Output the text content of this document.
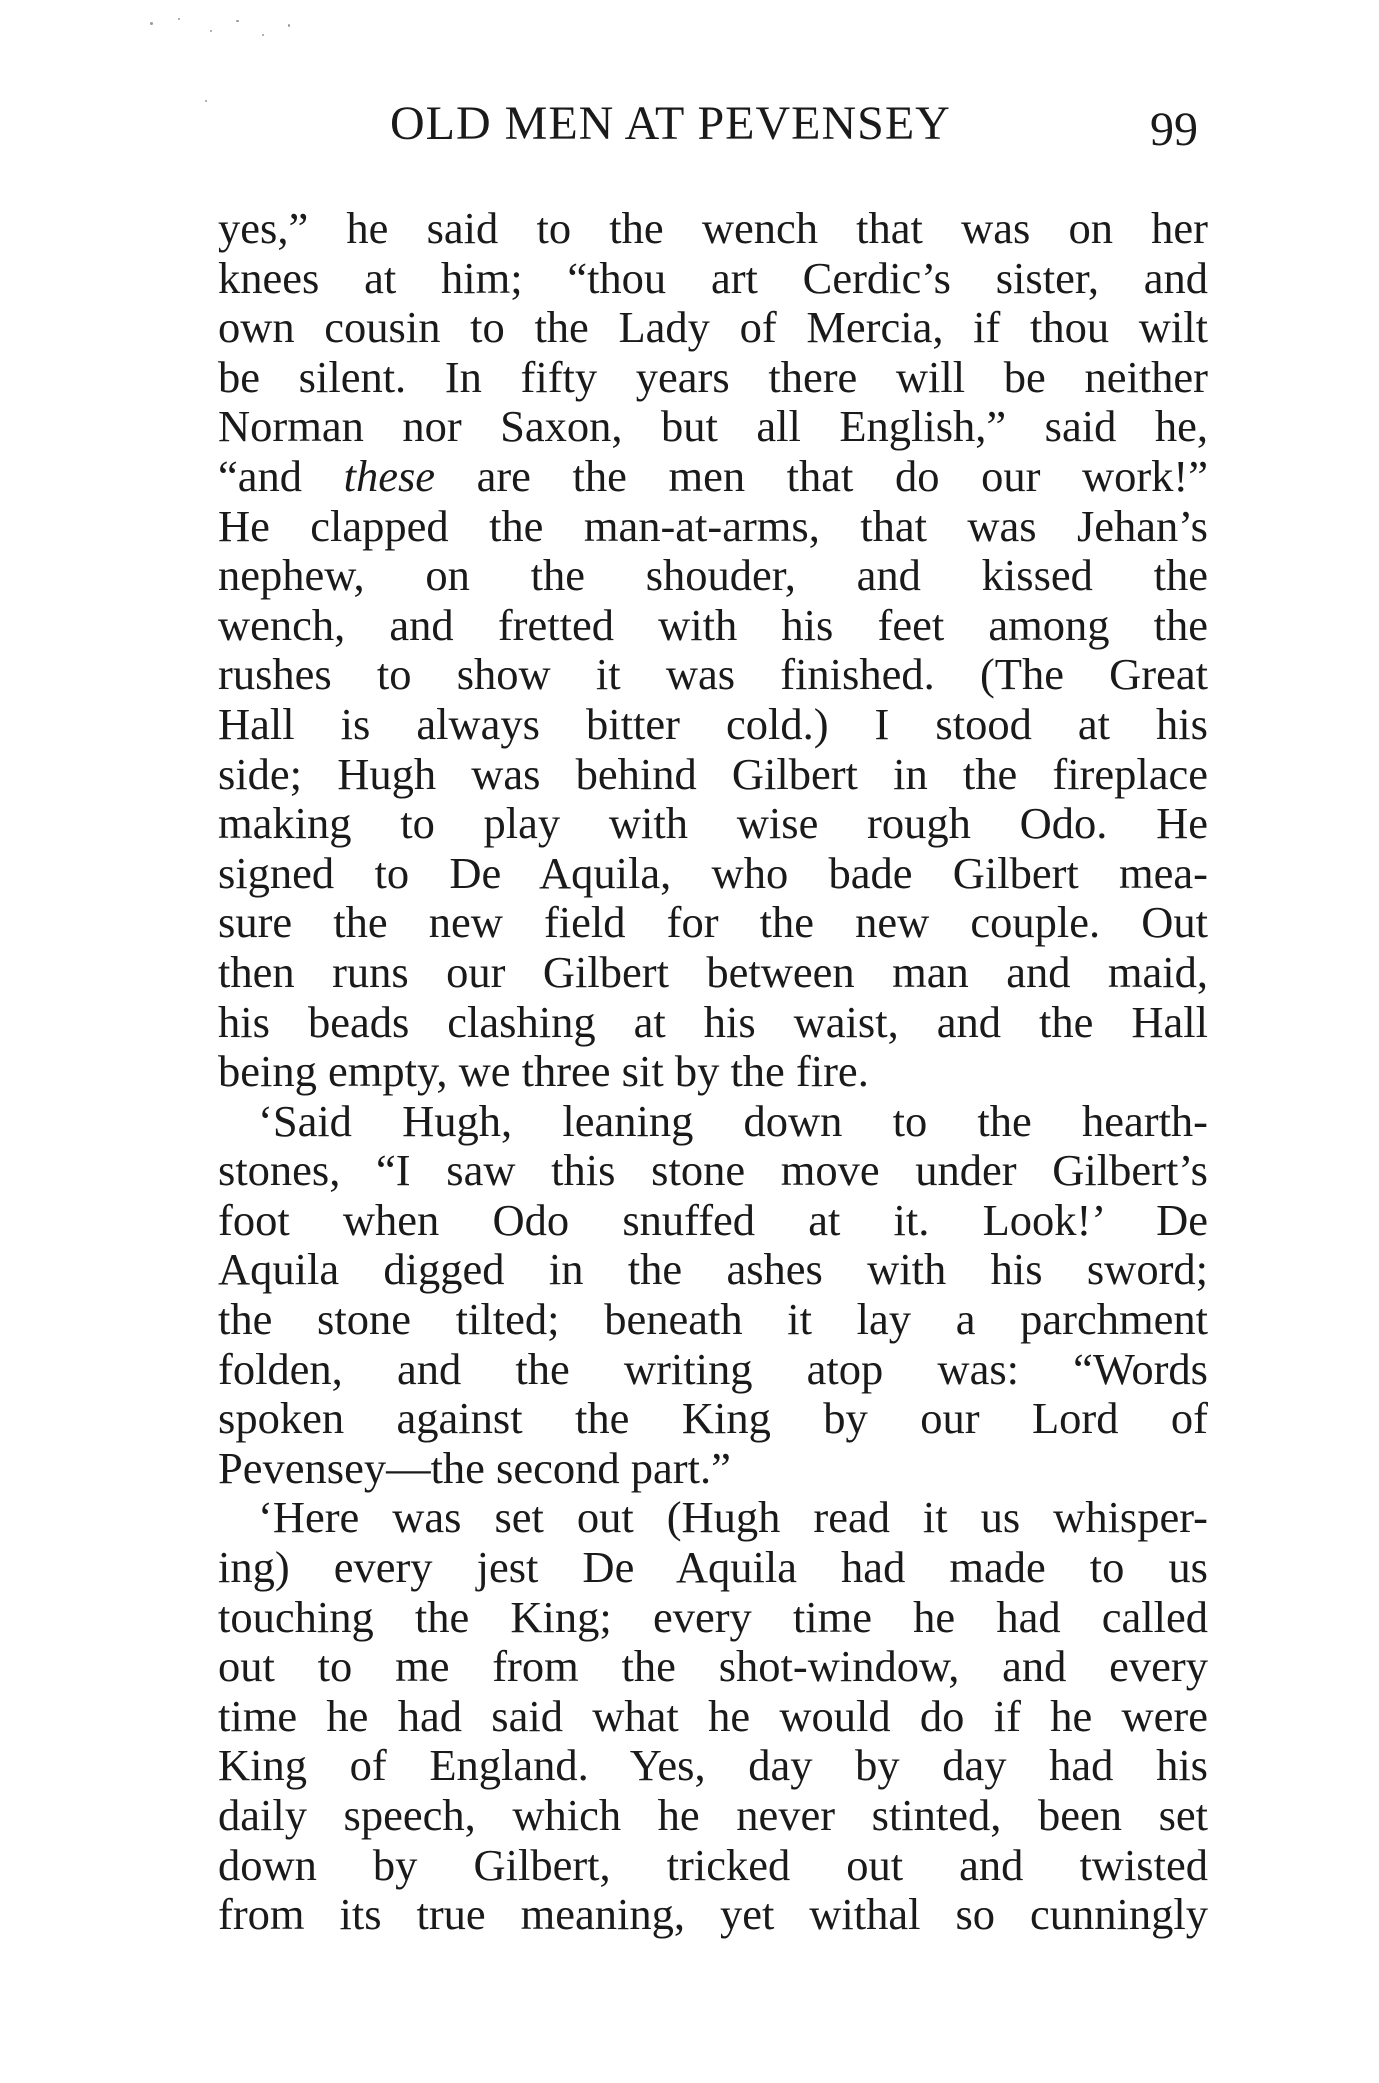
OLD MEN AT PEVENSEY	99
yes,” he said to the wench that was on her
knees at him; “thou art Cerdic’s sister, and
own cousin to the Lady of Mercia, if thou wilt
be silent. In fifty years there will be neither
Norman nor Saxon, but all English,” said he,
“and these are the men that do our work!”
He clapped the man-at-arms, that was Jehan’s
nephew, on the shouder, and kissed the
wench, and fretted with his feet among the
rushes to show it was finished. (The Great
Hall is always bitter cold.) I stood at his
side; Hugh was behind Gilbert in the fireplace
making to play with wise rough Odo. He
signed to De Aquila, who bade Gilbert mea-
sure the new field for the new couple. Out
then runs our Gilbert between man and maid,
his beads clashing at his waist, and the Hall
being empty, we three sit by the fire.
‘Said Hugh, leaning down to the hearth-
stones, “I saw this stone move under Gilbert’s
foot when Odo snuffed at it. Look!’ De
Aquila digged in the ashes with his sword;
the stone tilted; beneath it lay a parchment
folden, and the writing atop was: “Words
spoken against the King by our Lord of
Pevensey—the second part.”
‘Here was set out (Hugh read it us whisper-
ing) every jest De Aquila had made to us
touching the King; every time he had called
out to me from the shot-window, and every
time he had said what he would do if he were
King of England. Yes, day by day had his
daily speech, which he never stinted, been set
down by Gilbert, tricked out and twisted
from its true meaning, yet withal so cunningly
